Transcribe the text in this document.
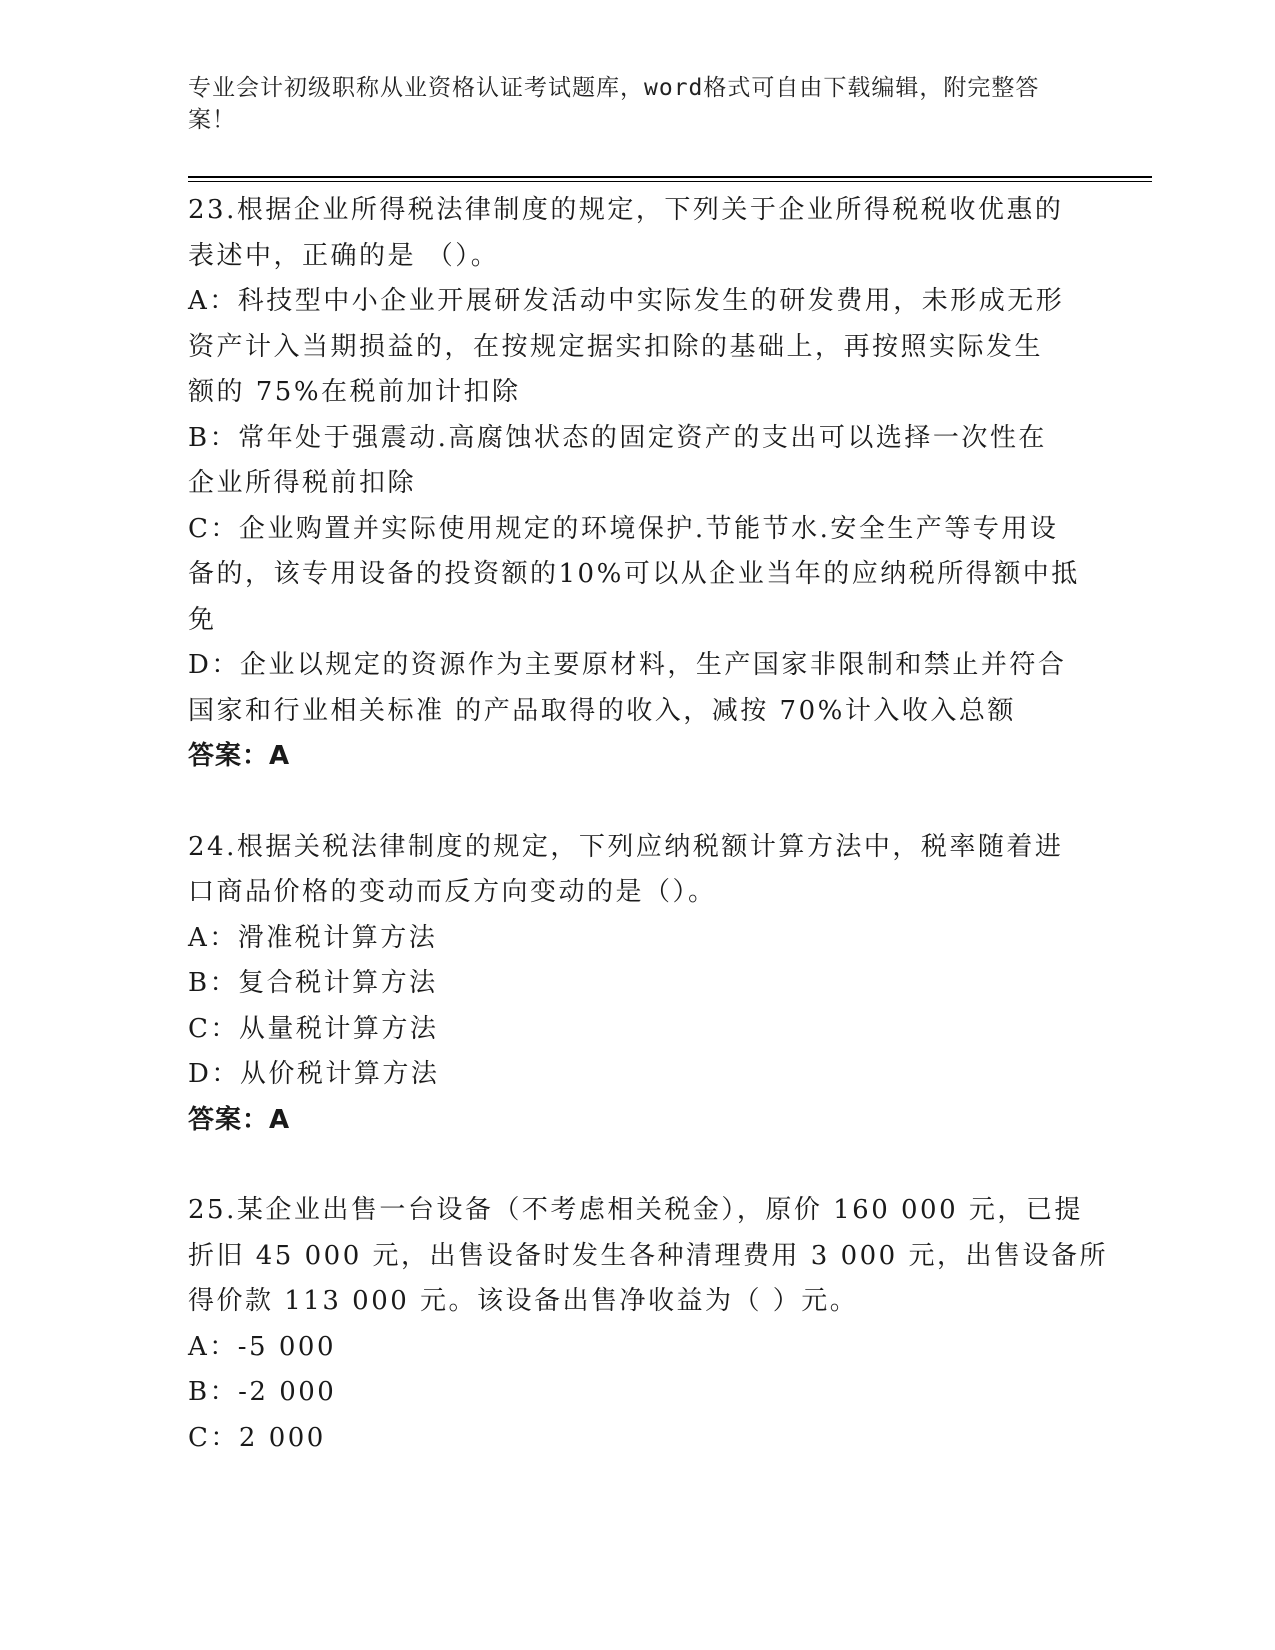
专业会计初级职称从业资格认证考试题库，word格式可自由下载编辑，附完整答
案！
23.根据企业所得税法律制度的规定，下列关于企业所得税税收优惠的
表述中，正确的是 （）。
A：科技型中小企业开展研发活动中实际发生的研发费用，未形成无形
资产计入当期损益的，在按规定据实扣除的基础上，再按照实际发生
额的 75%在税前加计扣除
B：常年处于强震动.高腐蚀状态的固定资产的支出可以选择一次性在
企业所得税前扣除
C：企业购置并实际使用规定的环境保护.节能节水.安全生产等专用设
备的，该专用设备的投资额的10%可以从企业当年的应纳税所得额中抵
免
D：企业以规定的资源作为主要原材料，生产国家非限制和禁止并符合
国家和行业相关标准 的产品取得的收入，减按 70%计入收入总额
答案：A
24.根据关税法律制度的规定，下列应纳税额计算方法中，税率随着进
口商品价格的变动而反方向变动的是（）。
A：滑准税计算方法
B：复合税计算方法
C：从量税计算方法
D：从价税计算方法
答案：A
25.某企业出售一台设备（不考虑相关税金），原价 160 000 元，已提
折旧 45 000 元，出售设备时发生各种清理费用 3 000 元，出售设备所
得价款 113 000 元。该设备出售净收益为（ ）元。
A：-5 000
B：-2 000
C：2 000
